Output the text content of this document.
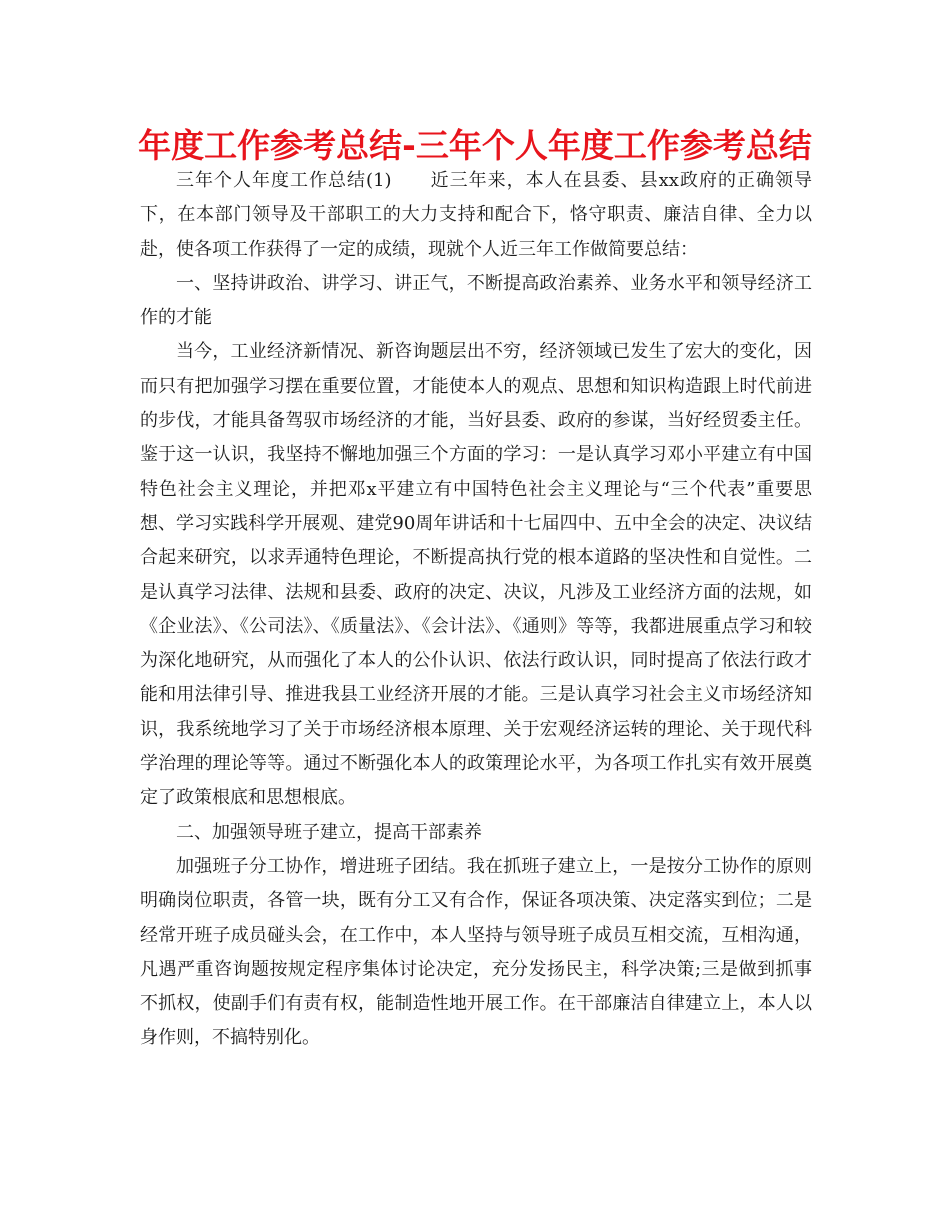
年度工作参考总结-三年个人年度工作参考总结

三年个人年度工作总结(1)　　近三年来，本人在县委、县xx政府的正确领导下，在本部门领导及干部职工的大力支持和配合下，恪守职责、廉洁自律、全力以赴，使各项工作获得了一定的成绩，现就个人近三年工作做简要总结：

一、坚持讲政治、讲学习、讲正气，不断提高政治素养、业务水平和领导经济工作的才能

当今，工业经济新情况、新咨询题层出不穷，经济领域已发生了宏大的变化，因而只有把加强学习摆在重要位置，才能使本人的观点、思想和知识构造跟上时代前进的步伐，才能具备驾驭市场经济的才能，当好县委、政府的参谋，当好经贸委主任。鉴于这一认识，我坚持不懈地加强三个方面的学习：一是认真学习邓小平建立有中国特色社会主义理论，并把邓x平建立有中国特色社会主义理论与“三个代表”重要思想、学习实践科学开展观、建党90周年讲话和十七届四中、五中全会的决定、决议结合起来研究，以求弄通特色理论，不断提高执行党的根本道路的坚决性和自觉性。二是认真学习法律、法规和县委、政府的决定、决议，凡涉及工业经济方面的法规，如《企业法》、《公司法》、《质量法》、《会计法》、《通则》等等，我都进展重点学习和较为深化地研究，从而强化了本人的公仆认识、依法行政认识，同时提高了依法行政才能和用法律引导、推进我县工业经济开展的才能。三是认真学习社会主义市场经济知识，我系统地学习了关于市场经济根本原理、关于宏观经济运转的理论、关于现代科学治理的理论等等。通过不断强化本人的政策理论水平，为各项工作扎实有效开展奠定了政策根底和思想根底。

二、加强领导班子建立，提高干部素养

加强班子分工协作，增进班子团结。我在抓班子建立上，一是按分工协作的原则明确岗位职责，各管一块，既有分工又有合作，保证各项决策、决定落实到位；二是经常开班子成员碰头会，在工作中，本人坚持与领导班子成员互相交流，互相沟通，凡遇严重咨询题按规定程序集体讨论决定，充分发扬民主，科学决策;三是做到抓事不抓权，使副手们有责有权，能制造性地开展工作。在干部廉洁自律建立上，本人以身作则，不搞特别化。
